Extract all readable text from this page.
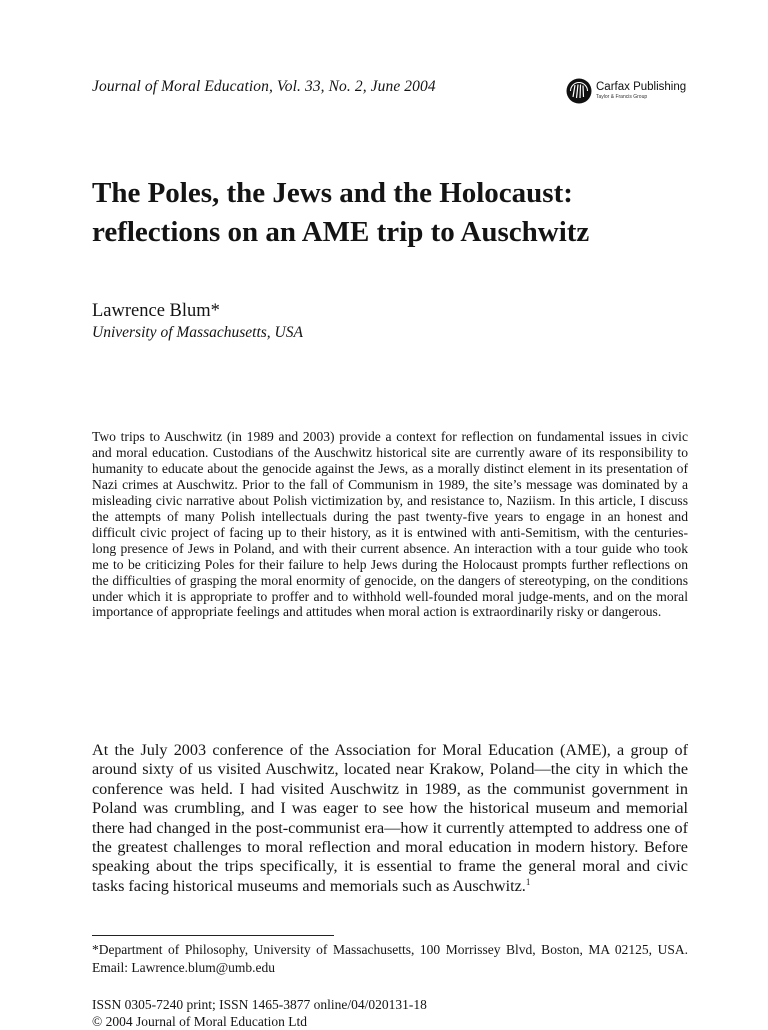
Journal of Moral Education, Vol. 33, No. 2, June 2004	Carfax Publishing
Taylor & Francis Group
The Poles, the Jews and the Holocaust: reflections on an AME trip to Auschwitz
Lawrence Blum*
University of Massachusetts, USA

Two trips to Auschwitz (in 1989 and 2003) provide a context for reflection on fundamental issues in civic and moral education. Custodians of the Auschwitz historical site are currently aware of its responsibility to humanity to educate about the genocide against the Jews, as a morally distinct element in its presentation of Nazi crimes at Auschwitz. Prior to the fall of Communism in 1989, the site’s message was dominated by a misleading civic narrative about Polish victimization by, and resistance to, Naziism. In this article, I discuss the attempts of many Polish intellectuals during the past twenty-five years to engage in an honest and difficult civic project of facing up to their history, as it is entwined with anti-Semitism, with the centuries-long presence of Jews in Poland, and with their current absence. An interaction with a tour guide who took me to be criticizing Poles for their failure to help Jews during the Holocaust prompts further reflections on the difficulties of grasping the moral enormity of genocide, on the dangers of stereotyping, on the conditions under which it is appropriate to proffer and to withhold well-founded moral judge-ments, and on the moral importance of appropriate feelings and attitudes when moral action is extraordinarily risky or dangerous.

At the July 2003 conference of the Association for Moral Education (AME), a group of around sixty of us visited Auschwitz, located near Krakow, Poland—the city in which the conference was held. I had visited Auschwitz in 1989, as the communist government in Poland was crumbling, and I was eager to see how the historical museum and memorial there had changed in the post-communist era—how it currently attempted to address one of the greatest challenges to moral reflection and moral education in modern history. Before speaking about the trips specifically, it is essential to frame the general moral and civic tasks facing historical museums and memorials such as Auschwitz.$^1$

*Department of Philosophy, University of Massachusetts, 100 Morrissey Blvd, Boston, MA 02125, USA. Email: Lawrence.blum@umb.edu

ISSN 0305-7240 print; ISSN 1465-3877 online/04/020131-18
© 2004 Journal of Moral Education Ltd
